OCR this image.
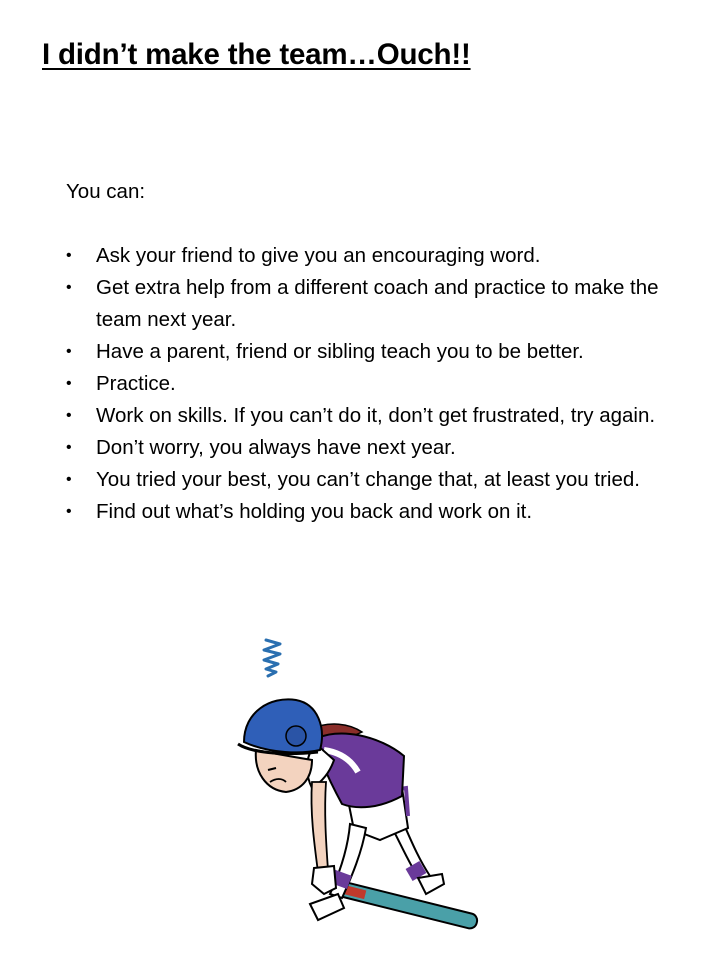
I didn’t make the team…Ouch!!

You can:

• Ask your friend to give you an encouraging word.
• Get extra help from a different coach and practice to make the team next year.
• Have a parent, friend or sibling teach you to be better.
• Practice.
• Work on skills. If you can’t do it, don’t get frustrated, try again.
• Don’t worry, you always have next year.
• You tried your best, you can’t change that, at least you tried.
• Find out what’s holding you back and work on it.
